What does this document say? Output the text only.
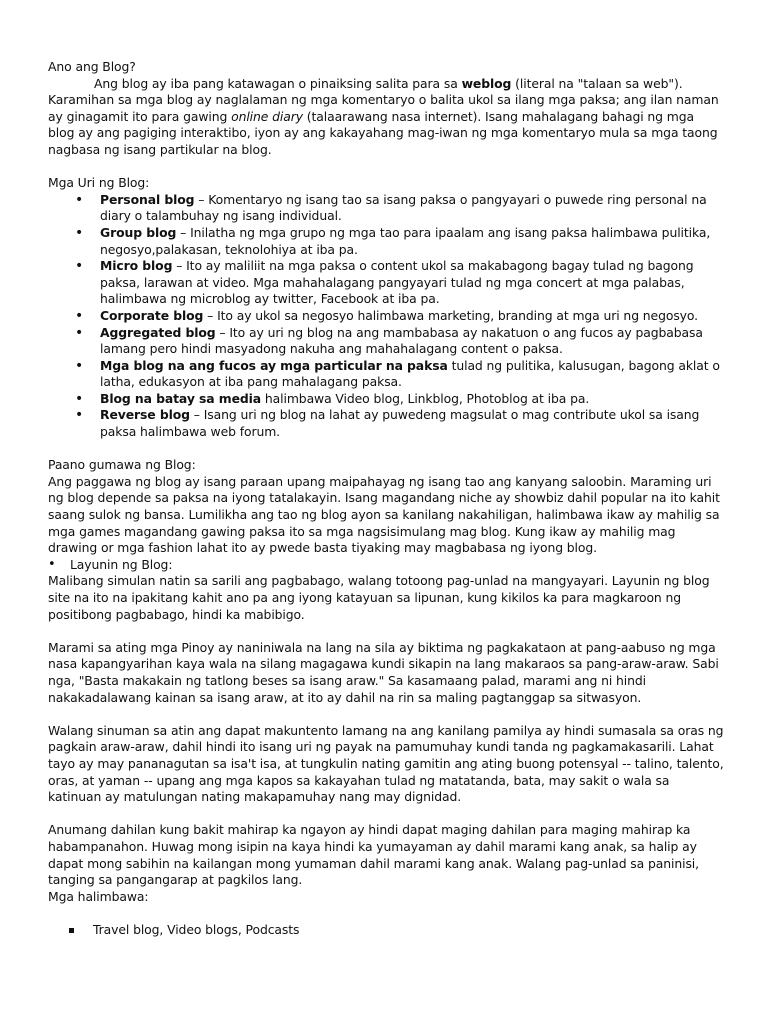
Ano ang Blog?

Ang blog ay iba pang katawagan o pinaiksing salita para sa weblog (literal na "talaan sa web"). Karamihan sa mga blog ay naglalaman ng mga komentaryo o balita ukol sa ilang mga paksa; ang ilan naman ay ginagamit ito para gawing online diary (talaarawang nasa internet). Isang mahalagang bahagi ng mga blog ay ang pagiging interaktibo, iyon ay ang kakayahang mag-iwan ng mga komentaryo mula sa mga taong nagbasa ng isang partikular na blog.

Mga Uri ng Blog:

• Personal blog – Komentaryo ng isang tao sa isang paksa o pangyayari o puwede ring personal na diary o talambuhay ng isang individual.
• Group blog – Inilatha ng mga grupo ng mga tao para ipaalam ang isang paksa halimbawa pulitika, negosyo,palakasan, teknolohiya at iba pa.
• Micro blog – Ito ay maliliit na mga paksa o content ukol sa makabagong bagay tulad ng bagong paksa, larawan at video. Mga mahahalagang pangyayari tulad ng mga concert at mga palabas, halimbawa ng microblog ay twitter, Facebook at iba pa.
• Corporate blog – Ito ay ukol sa negosyo halimbawa marketing, branding at mga uri ng negosyo.
• Aggregated blog – Ito ay uri ng blog na ang mambabasa ay nakatuon o ang fucos ay pagbabasa lamang pero hindi masyadong nakuha ang mahahalagang content o paksa.
• Mga blog na ang fucos ay mga particular na paksa tulad ng pulitika, kalusugan, bagong aklat o latha, edukasyon at iba pang mahalagang paksa.
• Blog na batay sa media halimbawa Video blog, Linkblog, Photoblog at iba pa.
• Reverse blog – Isang uri ng blog na lahat ay puwedeng magsulat o mag contribute ukol sa isang paksa halimbawa web forum.

Paano gumawa ng Blog:

Ang paggawa ng blog ay isang paraan upang maipahayag ng isang tao ang kanyang saloobin. Maraming uri ng blog depende sa paksa na iyong tatalakayin. Isang magandang niche ay showbiz dahil popular na ito kahit saang sulok ng bansa. Lumilikha ang tao ng blog ayon sa kanilang nakahiligan, halimbawa ikaw ay mahilig sa mga games magandang gawing paksa ito sa mga nagsisimulang mag blog. Kung ikaw ay mahilig mag drawing or mga fashion lahat ito ay pwede basta tiyaking may magbabasa ng iyong blog.

• Layunin ng Blog:

Malibang simulan natin sa sarili ang pagbabago, walang totoong pag-unlad na mangyayari. Layunin ng blog site na ito na ipakitang kahit ano pa ang iyong katayuan sa lipunan, kung kikilos ka para magkaroon ng positibong pagbabago, hindi ka mabibigo.

Marami sa ating mga Pinoy ay naniniwala na lang na sila ay biktima ng pagkakataon at pang-aabuso ng mga nasa kapangyarihan kaya wala na silang magagawa kundi sikapin na lang makaraos sa pang-araw-araw. Sabi nga, "Basta makakain ng tatlong beses sa isang araw." Sa kasamaang palad, marami ang ni hindi nakakadalawang kainan sa isang araw, at ito ay dahil na rin sa maling pagtanggap sa sitwasyon.

Walang sinuman sa atin ang dapat makuntento lamang na ang kanilang pamilya ay hindi sumasala sa oras ng pagkain araw-araw, dahil hindi ito isang uri ng payak na pamumuhay kundi tanda ng pagkamakasarili. Lahat tayo ay may pananagutan sa isa't isa, at tungkulin nating gamitin ang ating buong potensyal -- talino, talento, oras, at yaman -- upang ang mga kapos sa kakayahan tulad ng matatanda, bata, may sakit o wala sa katinuan ay matulungan nating makapamuhay nang may dignidad.

Anumang dahilan kung bakit mahirap ka ngayon ay hindi dapat maging dahilan para maging mahirap ka habampanahon. Huwag mong isipin na kaya hindi ka yumayaman ay dahil marami kang anak, sa halip ay dapat mong sabihin na kailangan mong yumaman dahil marami kang anak. Walang pag-unlad sa paninisi, tanging sa pangangarap at pagkilos lang.

Mga halimbawa:

Travel blog, Video blogs, Podcasts
